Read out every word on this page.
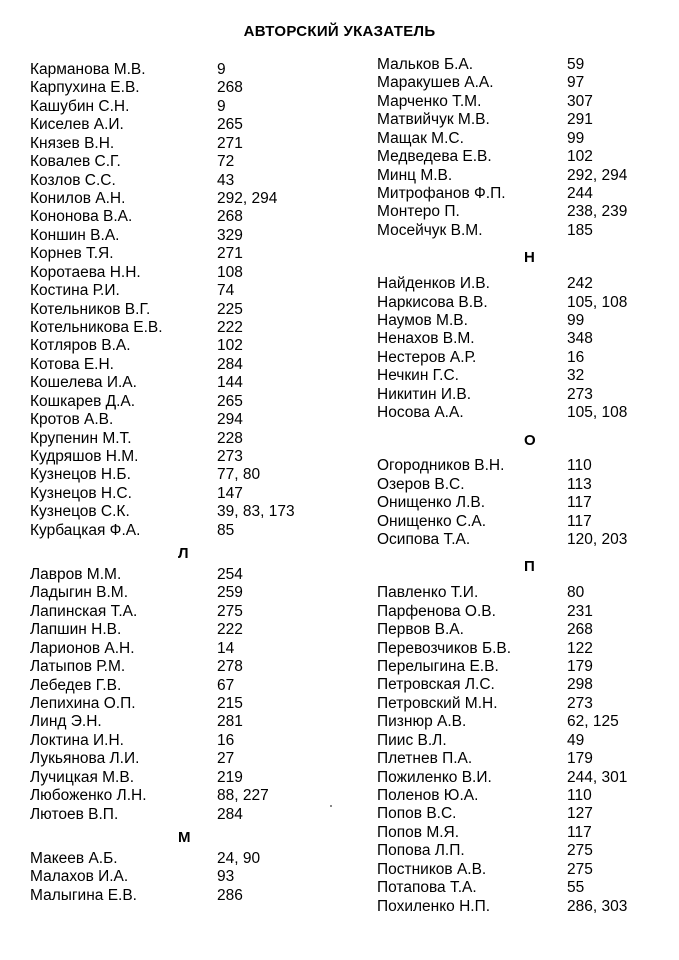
АВТОРСКИЙ УКАЗАТЕЛЬ
Карманова М.В.	9
Карпухина Е.В.	268
Кашубин С.Н.	9
Киселев А.И.	265
Князев В.Н.	271
Ковалев С.Г.	72
Козлов С.С.	43
Конилов А.Н.	292, 294
Кононова В.А.	268
Коншин В.А.	329
Корнев Т.Я.	271
Коротаева Н.Н.	108
Костина Р.И.	74
Котельников В.Г.	225
Котельникова Е.В.	222
Котляров В.А.	102
Котова Е.Н.	284
Кошелева И.А.	144
Кошкарев Д.А.	265
Кротов А.В.	294
Крупенин М.Т.	228
Кудряшов Н.М.	273
Кузнецов Н.Б.	77, 80
Кузнецов Н.С.	147
Кузнецов С.К.	39, 83, 173
Курбацкая Ф.А.	85
Л
Лавров М.М.	254
Ладыгин В.М.	259
Лапинская Т.А.	275
Лапшин Н.В.	222
Ларионов А.Н.	14
Латыпов Р.М.	278
Лебедев Г.В.	67
Лепихина О.П.	215
Линд Э.Н.	281
Локтина И.Н.	16
Лукьянова Л.И.	27
Лучицкая М.В.	219
Любоженко Л.Н.	88, 227
Лютоев В.П.	284
М
Макеев А.Б.	24, 90
Малахов И.А.	93
Малыгина Е.В.	286
Мальков Б.А.	59
Маракушев А.А.	97
Марченко Т.М.	307
Матвийчук М.В.	291
Мащак М.С.	99
Медведева Е.В.	102
Минц М.В.	292, 294
Митрофанов Ф.П.	244
Монтеро П.	238, 239
Мосейчук В.М.	185
Н
Найденков И.В.	242
Наркисова В.В.	105, 108
Наумов М.В.	99
Ненахов В.М.	348
Нестеров А.Р.	16
Нечкин Г.С.	32
Никитин И.В.	273
Носова А.А.	105, 108
О
Огородников В.Н.	110
Озеров В.С.	113
Онищенко Л.В.	117
Онищенко С.А.	117
Осипова Т.А.	120, 203
П
Павленко Т.И.	80
Парфенова О.В.	231
Первов В.А.	268
Перевозчиков Б.В.	122
Перелыгина Е.В.	179
Петровская Л.С.	298
Петровский М.Н.	273
Пизнюр А.В.	62, 125
Пиис В.Л.	49
Плетнев П.А.	179
Пожиленко В.И.	244, 301
Поленов Ю.А.	110
Попов В.С.	127
Попов М.Я.	117
Попова Л.П.	275
Постников А.В.	275
Потапова Т.А.	55
Похиленко Н.П.	286, 303
